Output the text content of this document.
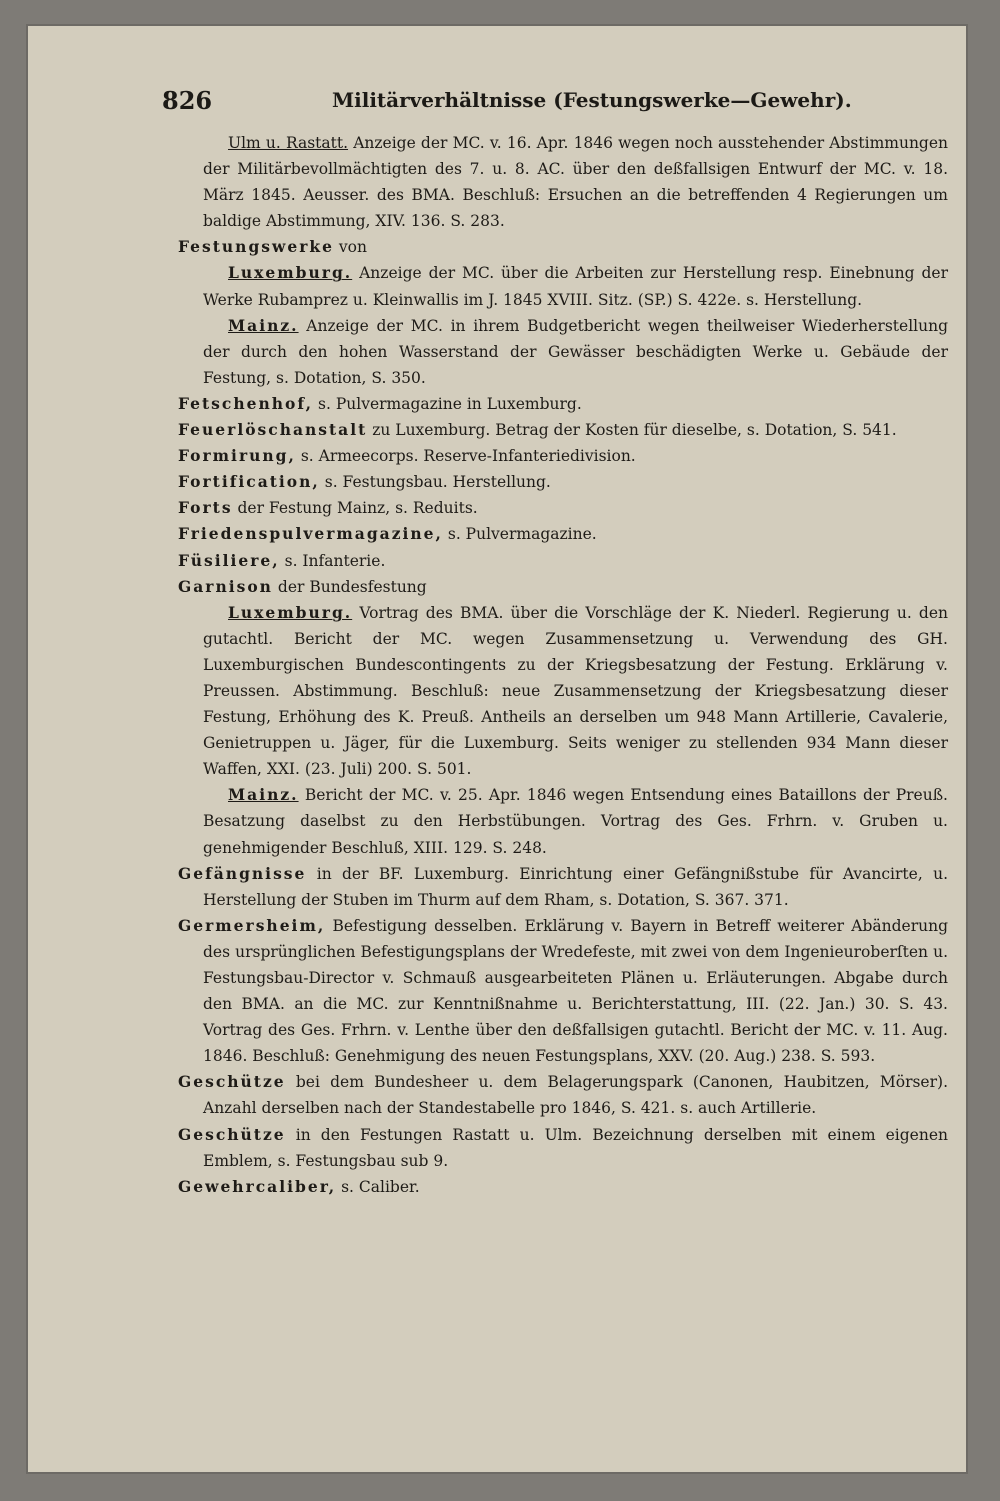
826	Militärverhältnisse (Festungswerke—Gewehr).

Ulm u. Rastatt. Anzeige der MC. v. 16. Apr. 1846 wegen noch ausstehender Abstimmungen der Militärbevollmächtigten des 7. u. 8. AC. über den deßfallsigen Entwurf der MC. v. 18. März 1845. Aeusser. des BMA. Beschluß: Ersuchen an die betreffenden 4 Regierungen um baldige Abstimmung, XIV. 136. S. 283.

Festungswerke von

Luxemburg. Anzeige der MC. über die Arbeiten zur Herstellung resp. Einebnung der Werke Rubamprez u. Kleinwallis im J. 1845 XVIII. Sitz. (SP.) S. 422e. s. Herstellung.

Mainz. Anzeige der MC. in ihrem Budgetbericht wegen theilweiser Wiederherstellung der durch den hohen Wasserstand der Gewässer beschädigten Werke u. Gebäude der Festung, s. Dotation, S. 350.

Fetschenhof, s. Pulvermagazine in Luxemburg.

Feuerlöschanstalt zu Luxemburg. Betrag der Kosten für dieselbe, s. Dotation, S. 541.

Formirung, s. Armeecorps. Reserve-Infanteriedivision.

Fortification, s. Festungsbau. Herstellung.

Forts der Festung Mainz, s. Reduits.

Friedenspulvermagazine, s. Pulvermagazine.

Füsiliere, s. Infanterie.

Garnison der Bundesfestung

Luxemburg. Vortrag des BMA. über die Vorschläge der K. Niederl. Regierung u. den gutachtl. Bericht der MC. wegen Zusammensetzung u. Verwendung des GH. Luxemburgischen Bundescontingents zu der Kriegsbesatzung der Festung. Erklärung v. Preussen. Abstimmung. Beschluß: neue Zusammensetzung der Kriegsbesatzung dieser Festung, Erhöhung des K. Preuß. Antheils an derselben um 948 Mann Artillerie, Cavalerie, Genietruppen u. Jäger, für die Luxemburg. Seits weniger zu stellenden 934 Mann dieser Waffen, XXI. (23. Juli) 200. S. 501.

Mainz. Bericht der MC. v. 25. Apr. 1846 wegen Entsendung eines Bataillons der Preuß. Besatzung daselbst zu den Herbstübungen. Vortrag des Ges. Frhrn. v. Gruben u. genehmigender Beschluß, XIII. 129. S. 248.

Gefängnisse in der BF. Luxemburg. Einrichtung einer Gefängnißstube für Avancirte, u. Herstellung der Stuben im Thurm auf dem Rham, s. Dotation, S. 367. 371.

Germersheim, Befestigung desselben. Erklärung v. Bayern in Betreff weiterer Abänderung des ursprünglichen Befestigungsplans der Wredefeste, mit zwei von dem Ingenieuroberſten u. Festungsbau-Director v. Schmauß ausgearbeiteten Plänen u. Erläuterungen. Abgabe durch den BMA. an die MC. zur Kenntnißnahme u. Berichterstattung, III. (22. Jan.) 30. S. 43. Vortrag des Ges. Frhrn. v. Lenthe über den deßfallsigen gutachtl. Bericht der MC. v. 11. Aug. 1846. Beschluß: Genehmigung des neuen Festungsplans, XXV. (20. Aug.) 238. S. 593.

Geschütze bei dem Bundesheer u. dem Belagerungspark (Canonen, Haubitzen, Mörser). Anzahl derselben nach der Standestabelle pro 1846, S. 421. s. auch Artillerie.

Geschütze in den Festungen Rastatt u. Ulm. Bezeichnung derselben mit einem eigenen Emblem, s. Festungsbau sub 9.

Gewehrcaliber, s. Caliber.
